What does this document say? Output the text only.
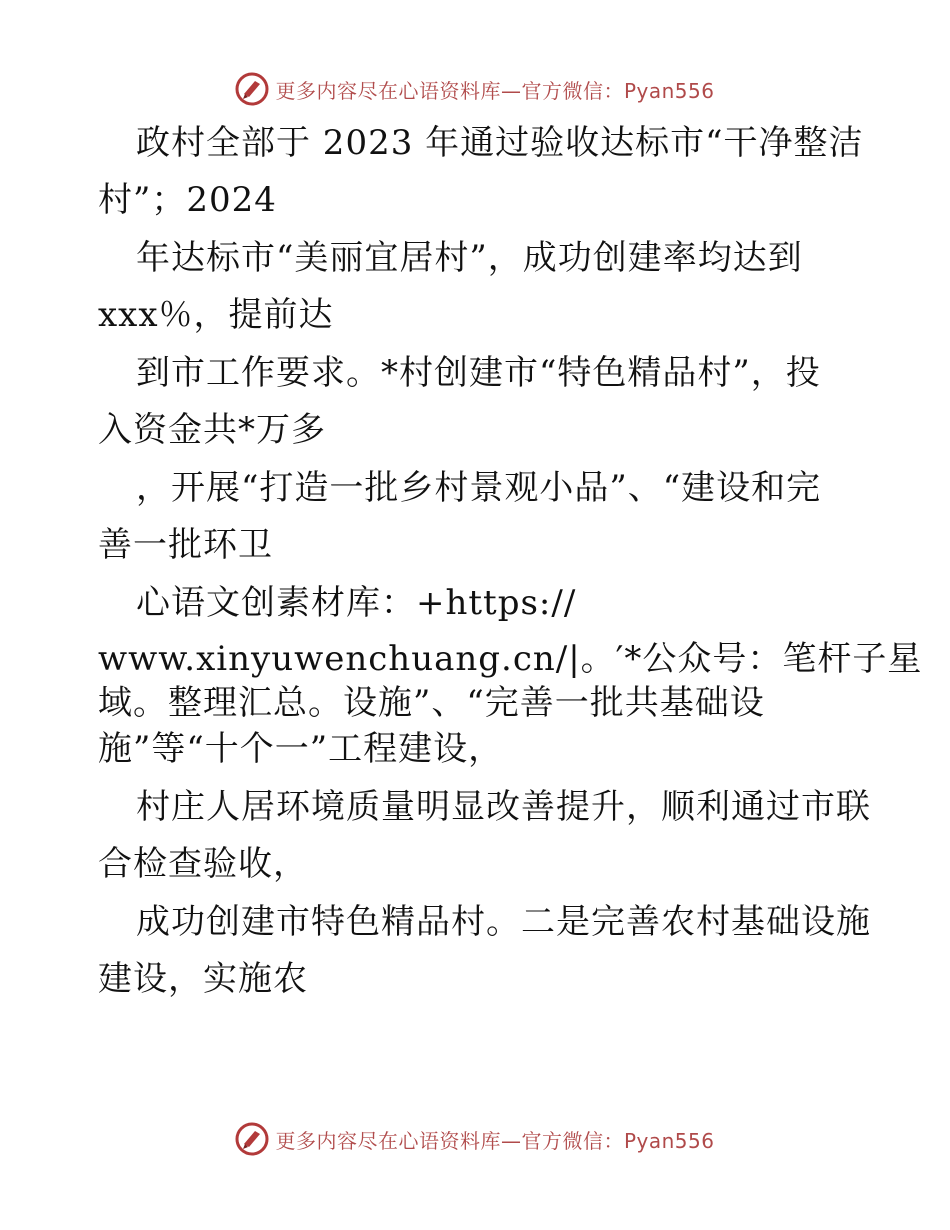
更多内容尽在心语资料库—官方微信：Pyan556
政村全部于 2023 年通过验收达标市“干净整洁
村”；2024
年达标市“美丽宜居村”，成功创建率均达到
xxx％，提前达
到市工作要求。*村创建市“特色精品村”，投
入资金共*万多
，开展“打造一批乡村景观小品”、“建设和完
善一批环卫
心语文创素材库：+https://
www.xinyuwenchuang.cn/|。′*公众号：笔杆子星
域。整理汇总。设施”、“完善一批共基础设
施”等“十个一”工程建设，
村庄人居环境质量明显改善提升，顺利通过市联
合检查验收，
成功创建市特色精品村。二是完善农村基础设施
建设，实施农
更多内容尽在心语资料库—官方微信：Pyan556
